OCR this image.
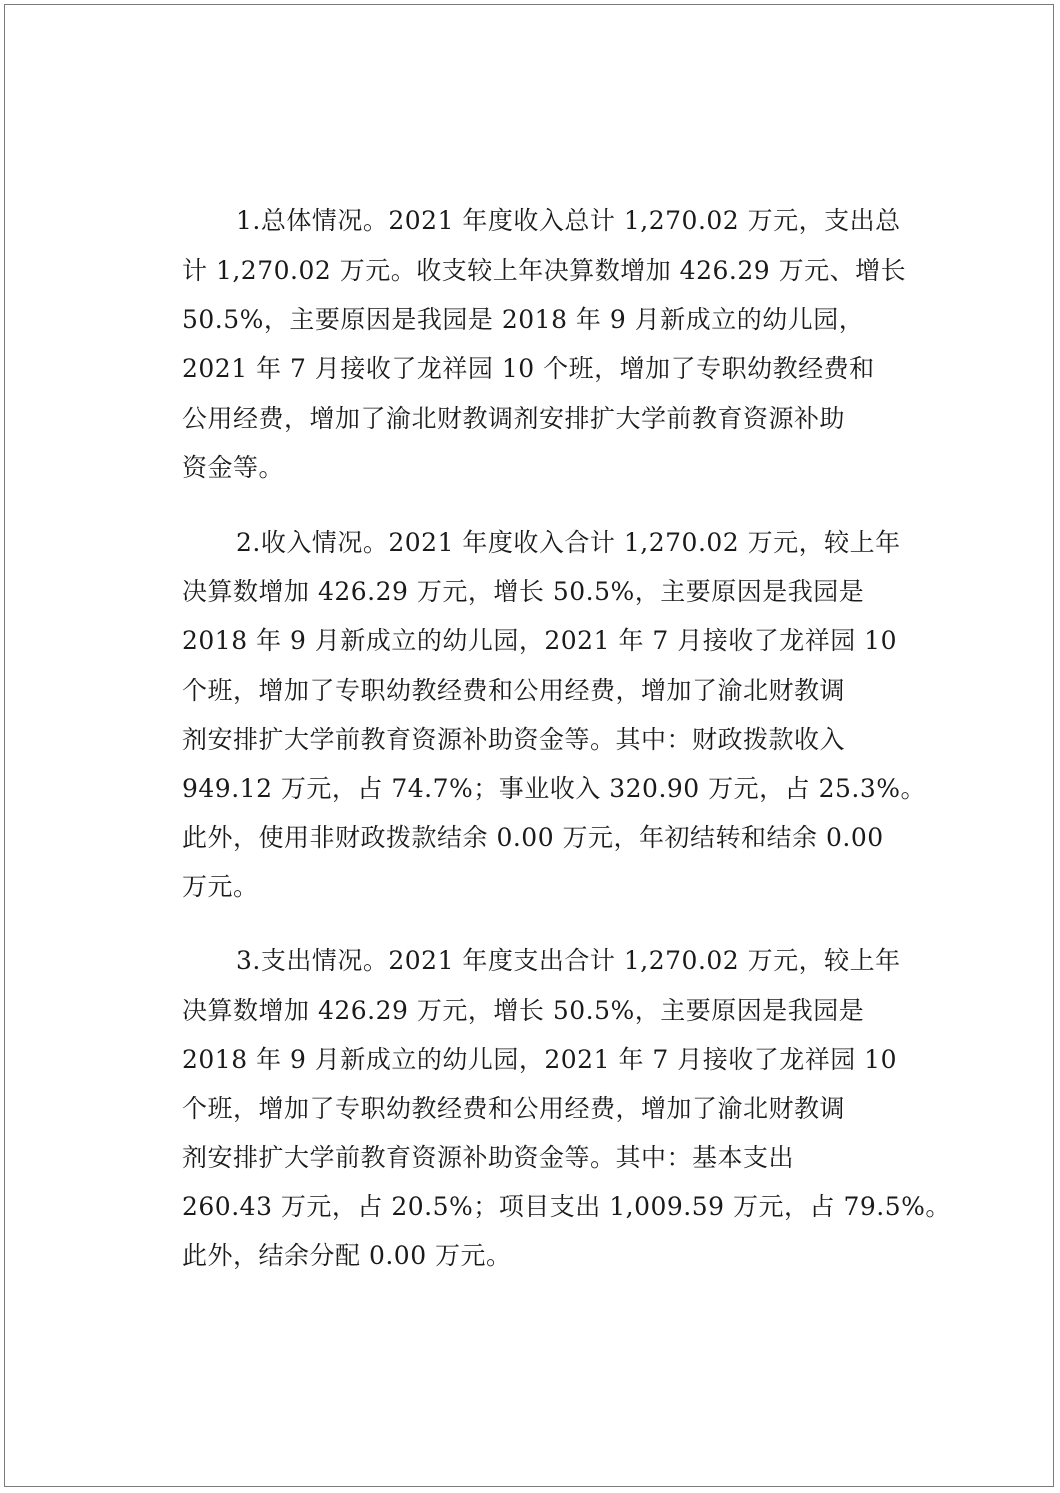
1.总体情况。2021 年度收入总计 1,270.02 万元，支出总
计 1,270.02 万元。收支较上年决算数增加 426.29 万元、增长
50.5%，主要原因是我园是 2018 年 9 月新成立的幼儿园，
2021 年 7 月接收了龙祥园 10 个班，增加了专职幼教经费和
公用经费，增加了渝北财教调剂安排扩大学前教育资源补助
资金等。
2.收入情况。2021 年度收入合计 1,270.02 万元，较上年
决算数增加 426.29 万元，增长 50.5%，主要原因是我园是
2018 年 9 月新成立的幼儿园，2021 年 7 月接收了龙祥园 10
个班，增加了专职幼教经费和公用经费，增加了渝北财教调
剂安排扩大学前教育资源补助资金等。其中：财政拨款收入
949.12 万元，占 74.7%；事业收入 320.90 万元，占 25.3%。
此外，使用非财政拨款结余 0.00 万元，年初结转和结余 0.00
万元。
3.支出情况。2021 年度支出合计 1,270.02 万元，较上年
决算数增加 426.29 万元，增长 50.5%，主要原因是我园是
2018 年 9 月新成立的幼儿园，2021 年 7 月接收了龙祥园 10
个班，增加了专职幼教经费和公用经费，增加了渝北财教调
剂安排扩大学前教育资源补助资金等。其中：基本支出
260.43 万元，占 20.5%；项目支出 1,009.59 万元，占 79.5%。
此外，结余分配 0.00 万元。
